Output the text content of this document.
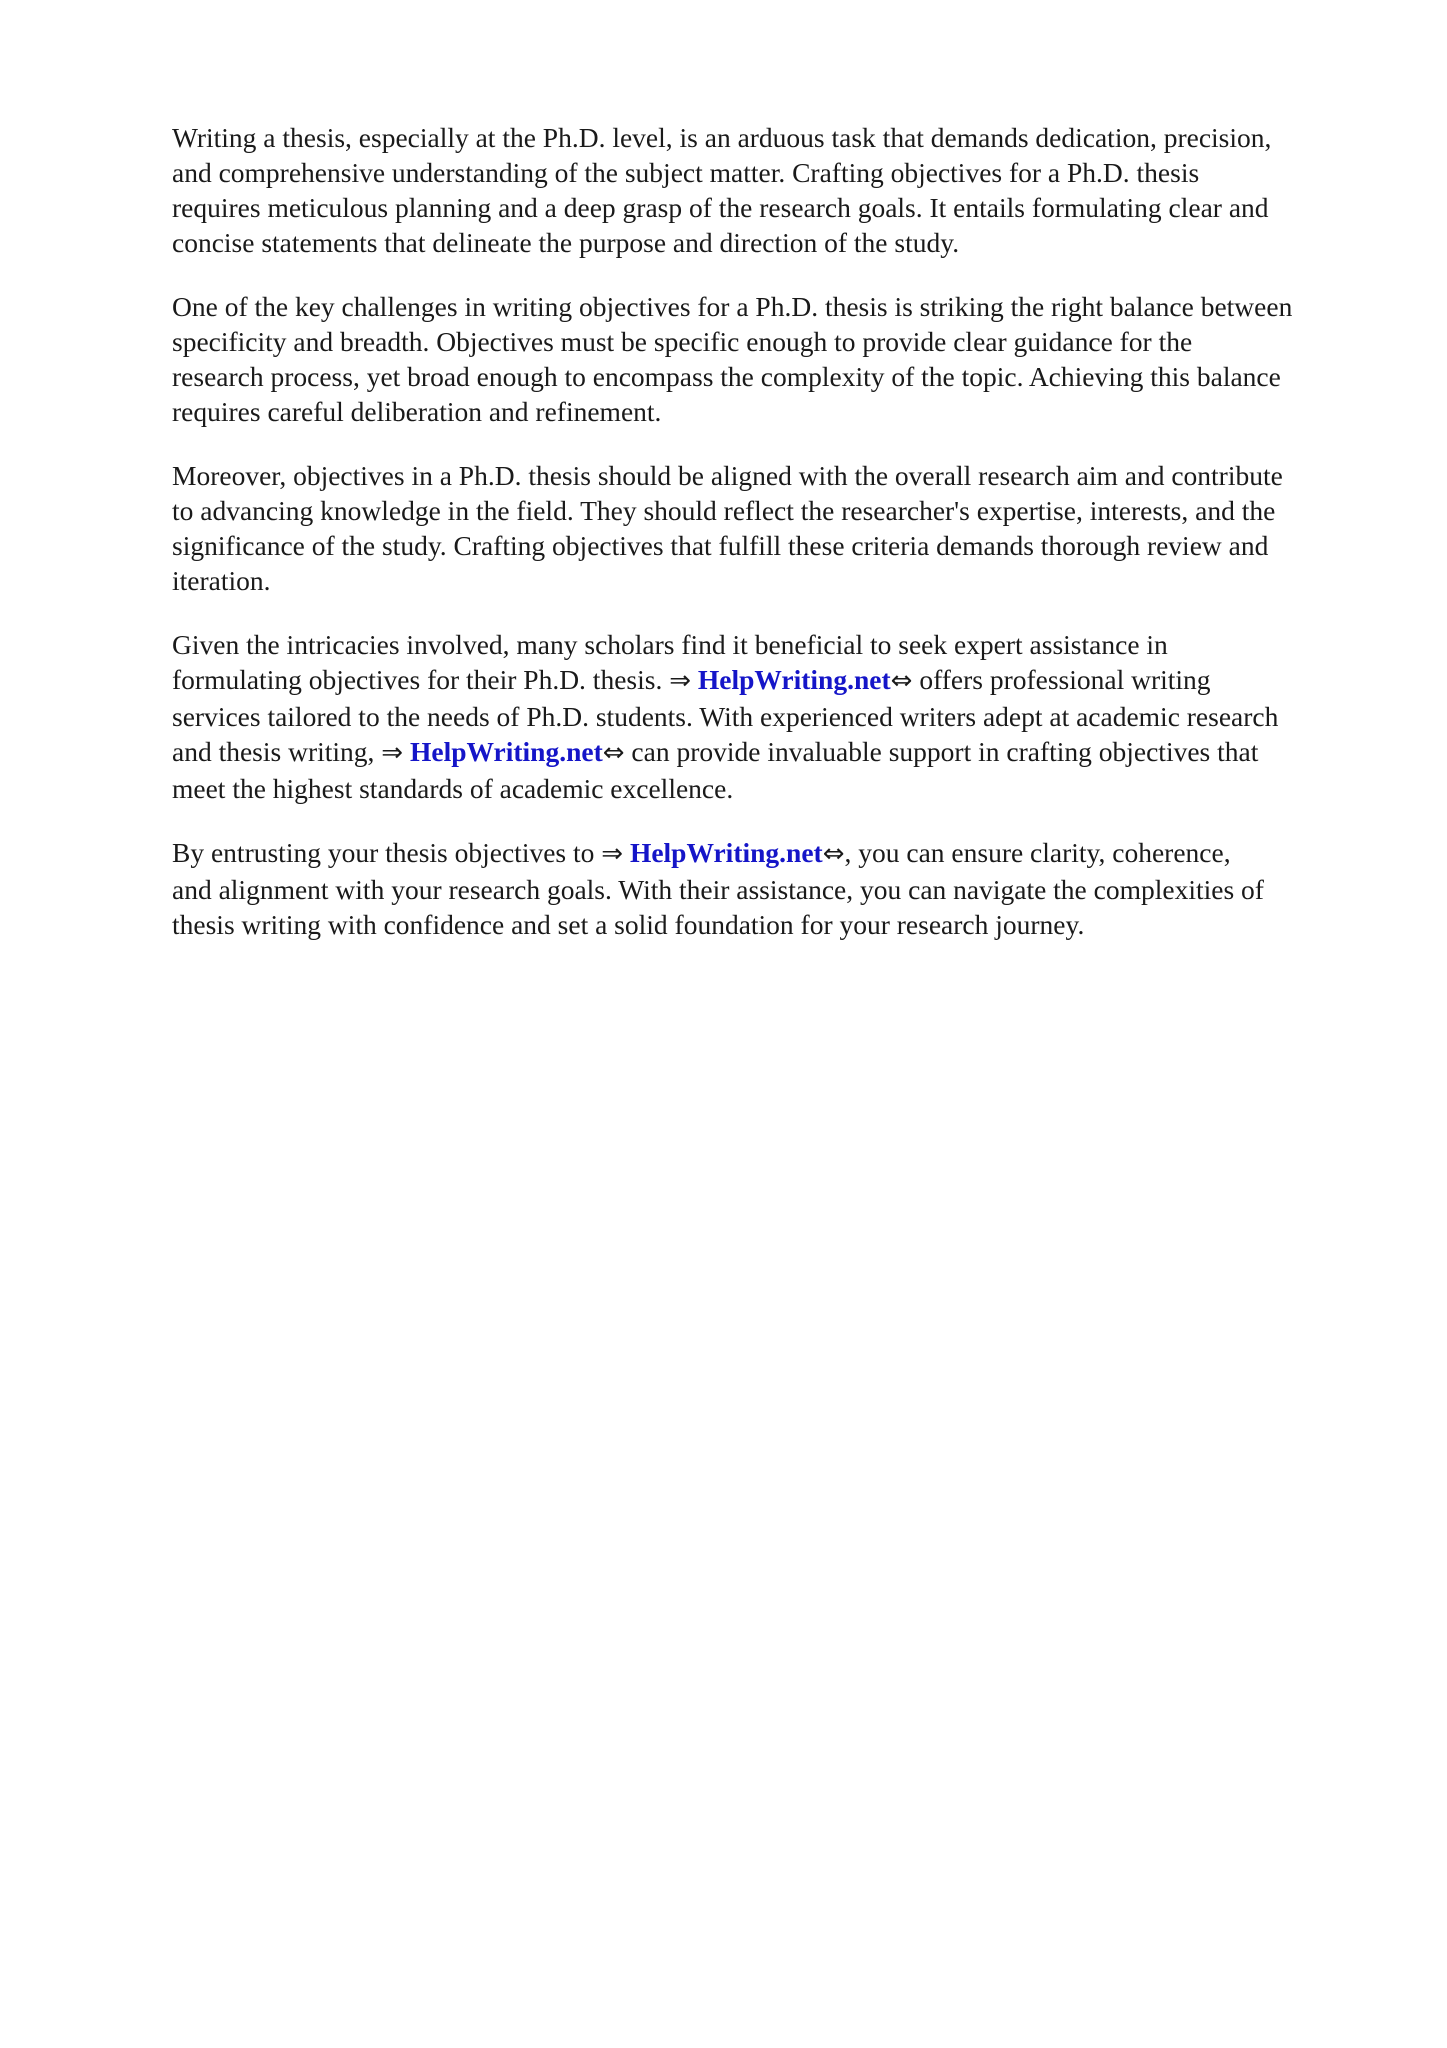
Writing a thesis, especially at the Ph.D. level, is an arduous task that demands dedication, precision,
and comprehensive understanding of the subject matter. Crafting objectives for a Ph.D. thesis
requires meticulous planning and a deep grasp of the research goals. It entails formulating clear and
concise statements that delineate the purpose and direction of the study.

One of the key challenges in writing objectives for a Ph.D. thesis is striking the right balance between
specificity and breadth. Objectives must be specific enough to provide clear guidance for the
research process, yet broad enough to encompass the complexity of the topic. Achieving this balance
requires careful deliberation and refinement.

Moreover, objectives in a Ph.D. thesis should be aligned with the overall research aim and contribute
to advancing knowledge in the field. They should reflect the researcher's expertise, interests, and the
significance of the study. Crafting objectives that fulfill these criteria demands thorough review and
iteration.

Given the intricacies involved, many scholars find it beneficial to seek expert assistance in
formulating objectives for their Ph.D. thesis. ⇒ HelpWriting.net⇔ offers professional writing
services tailored to the needs of Ph.D. students. With experienced writers adept at academic research
and thesis writing, ⇒ HelpWriting.net⇔ can provide invaluable support in crafting objectives that
meet the highest standards of academic excellence.

By entrusting your thesis objectives to ⇒ HelpWriting.net⇔, you can ensure clarity, coherence,
and alignment with your research goals. With their assistance, you can navigate the complexities of
thesis writing with confidence and set a solid foundation for your research journey.
